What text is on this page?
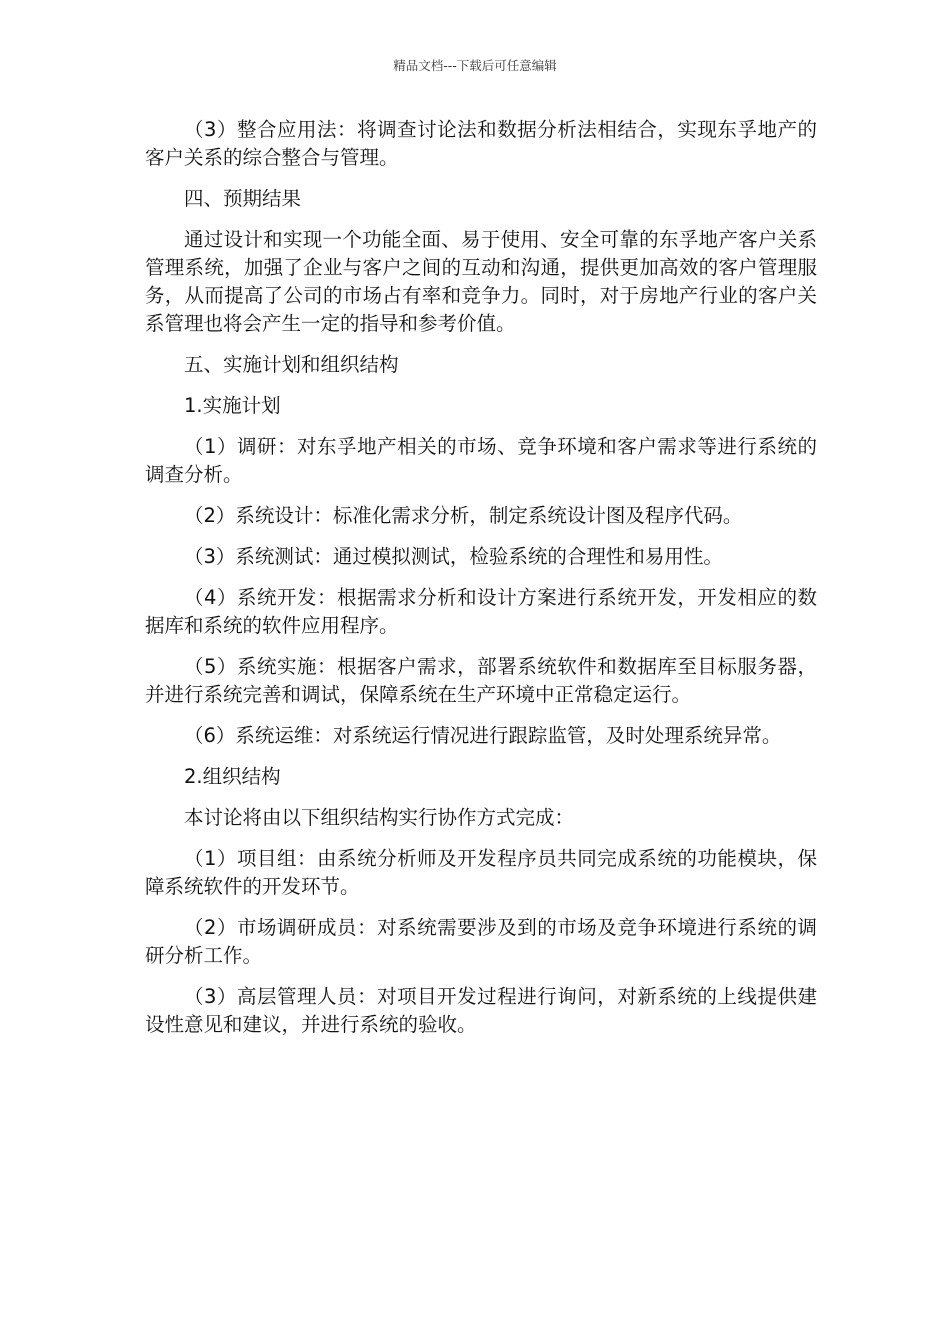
精品文档---下载后可任意编辑

（3）整合应用法：将调查讨论法和数据分析法相结合，实现东孚地产的客户关系的综合整合与管理。

四、预期结果

通过设计和实现一个功能全面、易于使用、安全可靠的东孚地产客户关系管理系统，加强了企业与客户之间的互动和沟通，提供更加高效的客户管理服务，从而提高了公司的市场占有率和竞争力。同时，对于房地产行业的客户关系管理也将会产生一定的指导和参考价值。

五、实施计划和组织结构

1.实施计划

（1）调研：对东孚地产相关的市场、竞争环境和客户需求等进行系统的调查分析。

（2）系统设计：标准化需求分析，制定系统设计图及程序代码。

（3）系统测试：通过模拟测试，检验系统的合理性和易用性。

（4）系统开发：根据需求分析和设计方案进行系统开发，开发相应的数据库和系统的软件应用程序。

（5）系统实施：根据客户需求，部署系统软件和数据库至目标服务器，并进行系统完善和调试，保障系统在生产环境中正常稳定运行。

（6）系统运维：对系统运行情况进行跟踪监管，及时处理系统异常。

2.组织结构

本讨论将由以下组织结构实行协作方式完成：

（1）项目组：由系统分析师及开发程序员共同完成系统的功能模块，保障系统软件的开发环节。

（2）市场调研成员：对系统需要涉及到的市场及竞争环境进行系统的调研分析工作。

（3）高层管理人员：对项目开发过程进行询问，对新系统的上线提供建设性意见和建议，并进行系统的验收。
